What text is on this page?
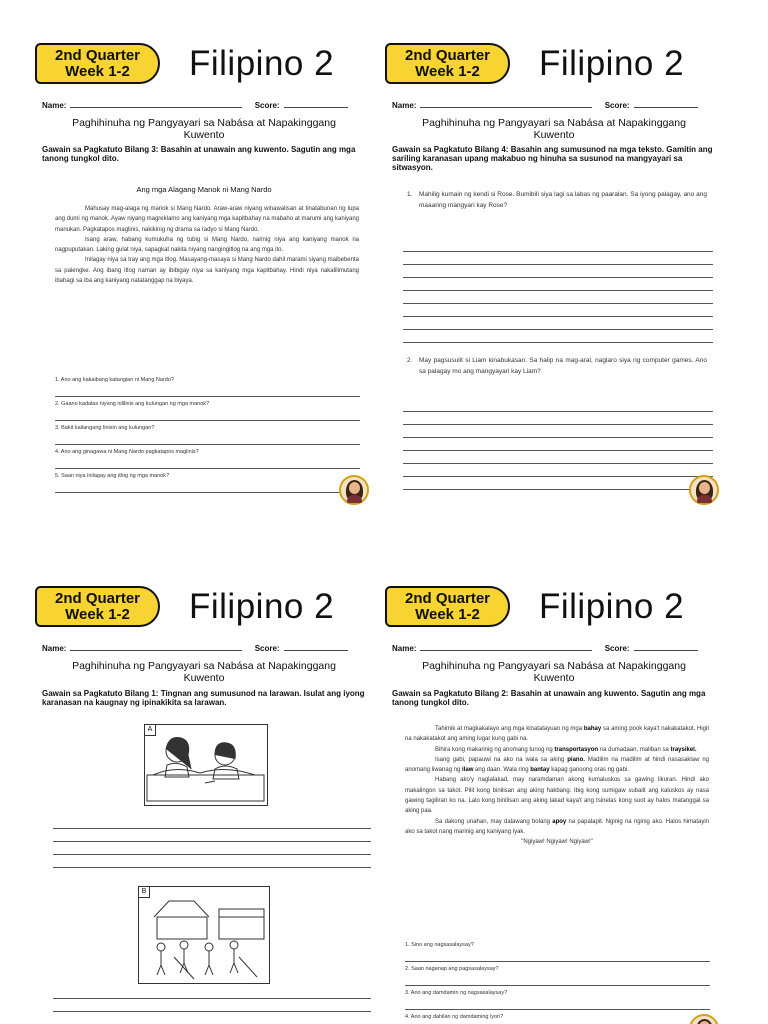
2nd Quarter
Week 1-2	Filipino 2
Name:	Score:
Paghihinuha ng Pangyayari sa Nabása at Napakinggang
Kuwento
Gawain sa Pagkatuto Bilang 3: Basahin at unawain ang kuwento. Sagutin ang mga tanong tungkol dito.
Ang mga Alagang Manok ni Mang Nardo

Mahusay mag-alaga ng manok si Mang Nardo. Araw-araw niyang winawalisan at tinatabunan ng lupa ang dumi ng manok. Ayaw niyang magreklamo ang kaniyang mga kapitbahay na mabaho at marumi ang kaniyang manukan. Pagkatapos maglinis, nakikinig ng drama sa radyo si Mang Nardo.

Isang araw, habang kumukuha ng tubig si Mang Nardo, narinig niya ang kaniyang manok na nagpuputakan. Laking gulat niya, sapagkat nakita niyang nangingitlog na ang mga ito.

Inilagay niya sa tray ang mga itlog. Masayang-masaya si Mang Nardo dahil marami siyang maibebenta sa palengke. Ang ibang itlog naman ay ibibigay niya sa kaniyang mga kapitbahay. Hindi niya nakalilimutang ibahagi sa iba ang kaniyang natatanggap na biyaya.

1. Ano ang kakaibang katangian ni Mang Nardo?
2. Gaano kadalas niyang nililinis ang kulungan ng mga manok?
3. Bakit kailangang linisin ang kulungan?
4. Ano ang ginagawa ni Mang Nardo pagkatapos maglinis?
5. Saan niya inilagay ang itlog ng mga manok?
2nd Quarter
Week 1-2	Filipino 2
Name:	Score:
Paghihinuha ng Pangyayari sa Nabása at Napakinggang
Kuwento
Gawain sa Pagkatuto Bilang 4: Basahin ang sumusunod na mga teksto. Gamitin ang sariling karanasan upang makabuo ng hinuha sa susunod na mangyayari sa sitwasyon.
1. Mahilig kumain ng kendi si Rose. Bumibili siya lagi sa labas ng paaralan. Sa iyong palagay, ano ang maaaring mangyari kay Rose?
2. May pagsusulit si Liam kinabukasan. Sa halip na mag-aral, naglaro siya ng computer games. Ano sa palagay mo ang mangyayari kay Liam?
2nd Quarter
Week 1-2	Filipino 2
Name:	Score:
Paghihinuha ng Pangyayari sa Nabása at Napakinggang
Kuwento
Gawain sa Pagkatuto Bilang 1: Tingnan ang sumusunod na larawan. Isulat ang iyong karanasan na kaugnay ng ipinakikita sa larawan.
A
B
2nd Quarter
Week 1-2	Filipino 2
Name:	Score:
Paghihinuha ng Pangyayari sa Nabása at Napakinggang
Kuwento
Gawain sa Pagkatuto Bilang 2: Basahin at unawain ang kuwento. Sagutin ang mga tanong tungkol dito.

Tahimik at magkakalayo ang mga kinatatayuan ng mga bahay sa aming pook kaya't nakakatakot. Higit na nakakatakot ang aming lugar kung gabi na.

Bihira kong makarinig ng anomang tunog ng transportasyon na dumadaan, maliban sa traysikel.

Isang gabi, papauwi na ako na wala sa aking piano. Madilim na madilim at hindi nasasaklaw ng anomang liwanag ng ilaw ang daan. Wala ring bantay kapag ganoong oras ng gabi.

Habang ako'y naglalakad, may naramdaman akong kumaluskos sa gawing likuran. Hindi ako makalingon sa takot. Pilit kong binilisan ang aking hakbang. Ibig kong sumigaw subalit ang kaluskos ay nasa gawing tagiliran ko na. Lalo kong binilisan ang aking lakad kaya't ang tsinelas kong suot ay halos matanggal sa aking paa.

Sa dakong unahan, may dalawang bolang apoy na papalapit. Nginig na nginig ako. Halos himatayin ako sa takot nang marinig ang kaniyang iyak.

"Ngiyaw! Ngiyaw! Ngiyaw!"

1. Sino ang nagsasalaysay?
2. Saan naganap ang pagsasalaysay?
3. Ano ang damdamin ng nagsasalaysay?
4. Ano ang dahilan ng damdaming iyon?
